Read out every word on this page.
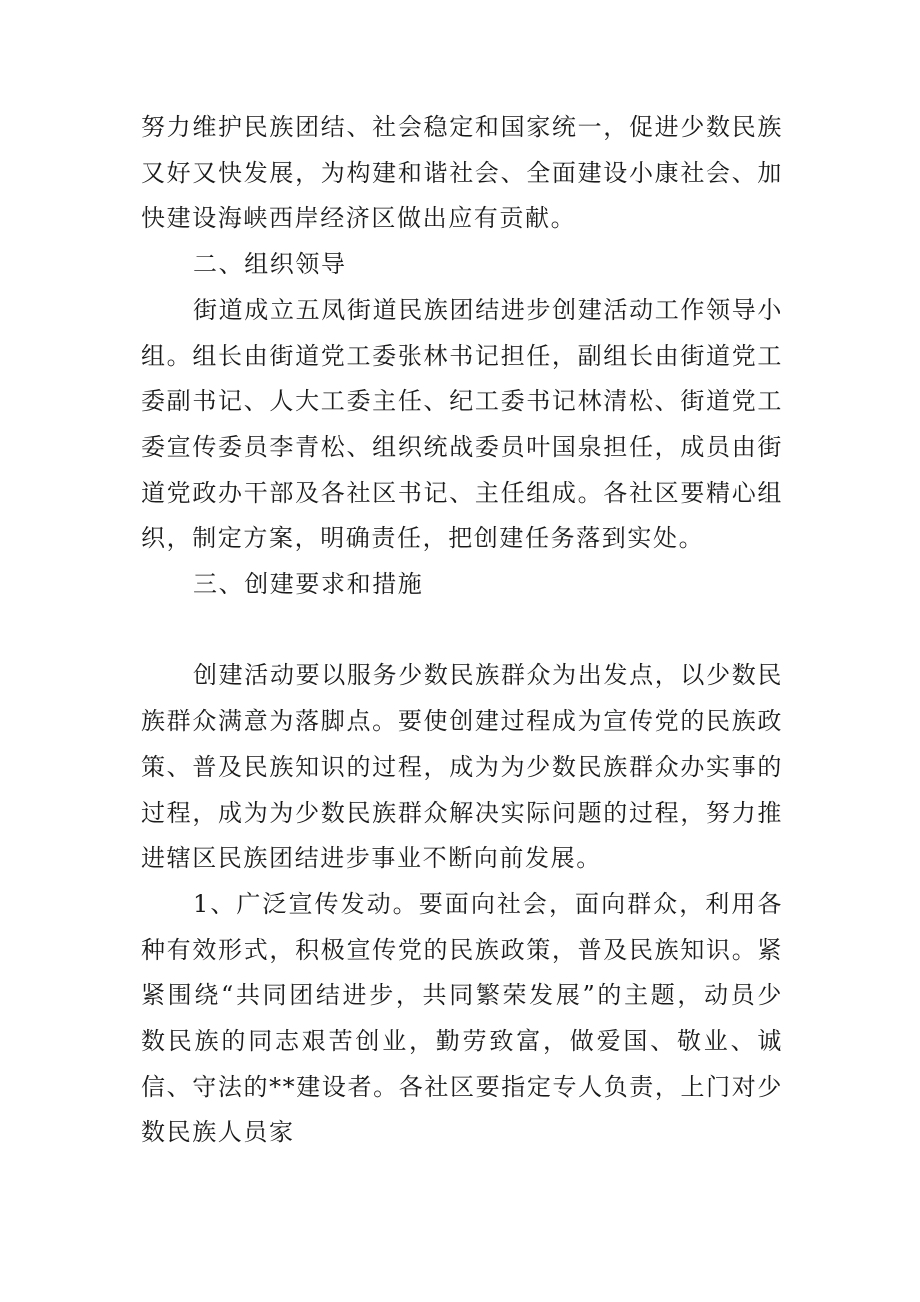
努力维护民族团结、社会稳定和国家统一，促进少数民族又好又快发展，为构建和谐社会、全面建设小康社会、加快建设海峡西岸经济区做出应有贡献。

二、组织领导

街道成立五凤街道民族团结进步创建活动工作领导小组。组长由街道党工委张林书记担任，副组长由街道党工委副书记、人大工委主任、纪工委书记林清松、街道党工委宣传委员李青松、组织统战委员叶国泉担任，成员由街道党政办干部及各社区书记、主任组成。各社区要精心组织，制定方案，明确责任，把创建任务落到实处。

三、创建要求和措施

创建活动要以服务少数民族群众为出发点，以少数民族群众满意为落脚点。要使创建过程成为宣传党的民族政策、普及民族知识的过程，成为为少数民族群众办实事的过程，成为为少数民族群众解决实际问题的过程，努力推进辖区民族团结进步事业不断向前发展。

1、广泛宣传发动。要面向社会，面向群众，利用各种有效形式，积极宣传党的民族政策，普及民族知识。紧紧围绕“共同团结进步，共同繁荣发展”的主题，动员少数民族的同志艰苦创业，勤劳致富，做爱国、敬业、诚信、守法的**建设者。各社区要指定专人负责，上门对少数民族人员家
